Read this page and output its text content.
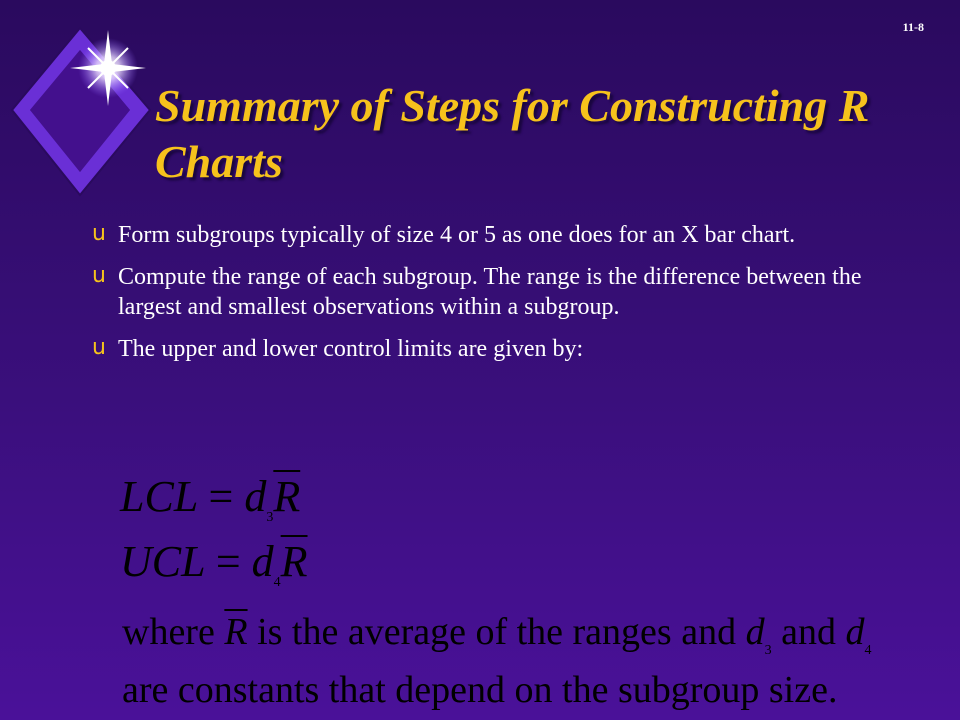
11-8
Summary of Steps for Constructing R Charts
u Form subgroups typically of size 4 or 5 as one does for an X bar chart.
u Compute the range of each subgroup. The range is the difference between the largest and smallest observations within a subgroup.
u The upper and lower control limits are given by:
LCL = $d_3\overline{R}$
UCL = $d_4\overline{R}$
where $\overline{R}$ is the average of the ranges and $d_3$ and $d_4$
are constants that depend on the subgroup size.
